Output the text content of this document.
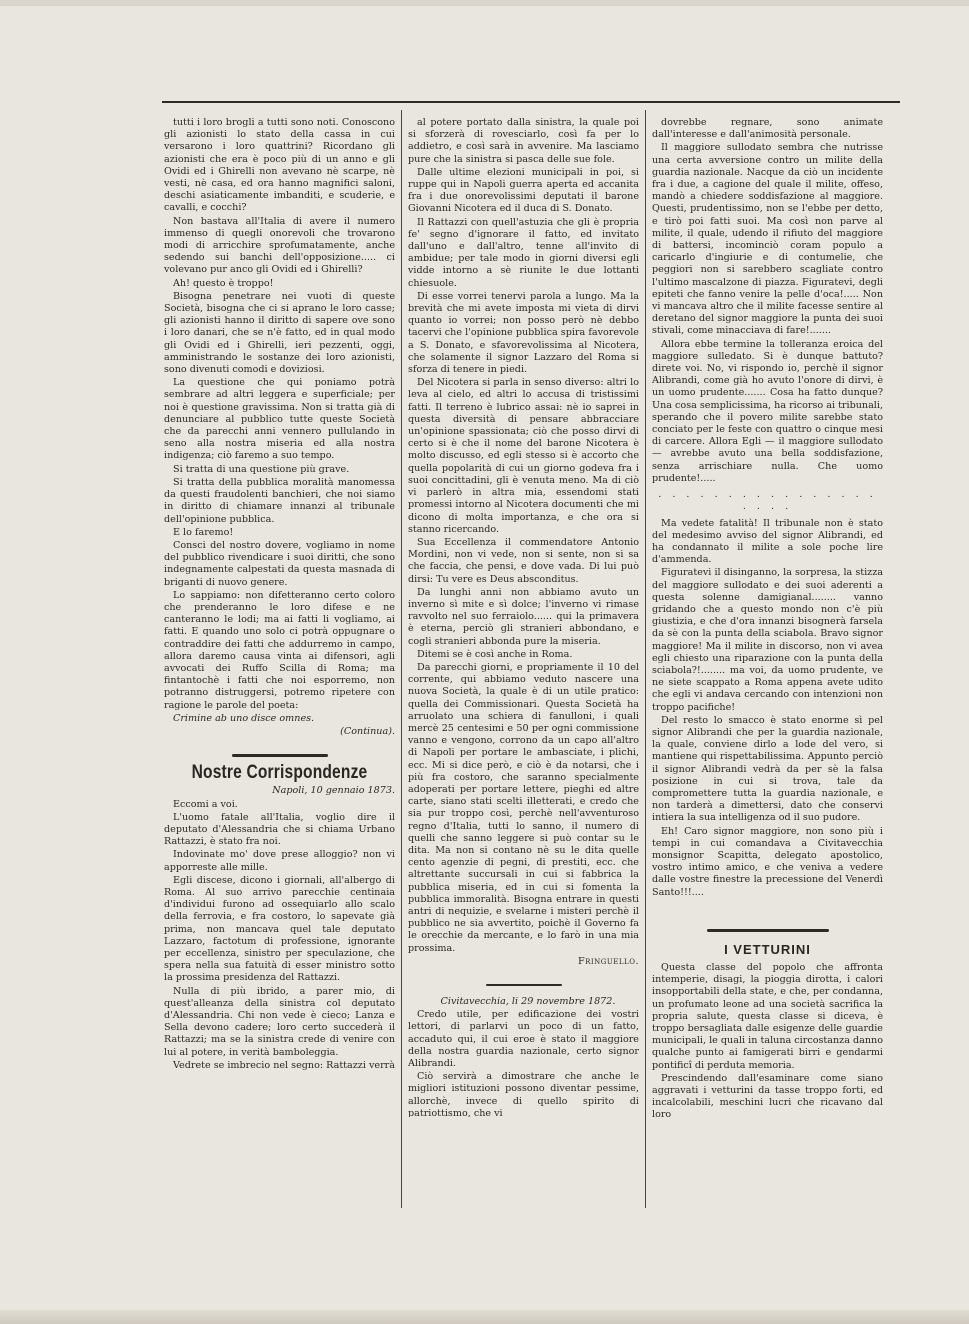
tutti i loro brogli a tutti sono noti. Conoscono gli azionisti lo stato della cassa in cui versarono i loro quattrini? Ricordano gli azionisti che era è poco più di un anno e gli Ovidi ed i Ghirelli non avevano nè scarpe, nè vesti, nè casa, ed ora hanno magnifici saloni, deschi asiaticamente imbanditi, e scuderie, e cavalli, e cocchi?

Non bastava all'Italia di avere il numero immenso di quegli onorevoli che trovarono modi di arricchire sprofumatamente, anche sedendo sui banchi dell'opposizione..... ci volevano pur anco gli Ovidi ed i Ghirelli?

Ah! questo è troppo!

Bisogna penetrare nei vuoti di queste Società, bisogna che ci si aprano le loro casse; gli azionisti hanno il diritto di sapere ove sono i loro danari, che se n'è fatto, ed in qual modo gli Ovidi ed i Ghirelli, ieri pezzenti, oggi, amministrando le sostanze dei loro azionisti, sono divenuti comodi e doviziosi.

La questione che qui poniamo potrà sembrare ad altri leggera e superficiale; per noi è questione gravissima. Non si tratta già di denunciare al pubblico tutte queste Società che da parecchi anni vennero pullulando in seno alla nostra miseria ed alla nostra indigenza; ciò faremo a suo tempo.

Si tratta di una questione più grave.

Si tratta della pubblica moralità manomessa da questi fraudolenti banchieri, che noi siamo in diritto di chiamare innanzi al tribunale dell'opinione pubblica.

E lo faremo!

Consci del nostro dovere, vogliamo in nome del pubblico rivendicare i suoi diritti, che sono indegnamente calpestati da questa masnada di briganti di nuovo genere.

Lo sappiamo: non difetteranno certo coloro che prenderanno le loro difese e ne canteranno le lodi; ma ai fatti li vogliamo, ai fatti. E quando uno solo ci potrà oppugnare o contraddire dei fatti che addurremo in campo, allora daremo causa vinta ai difensori, agli avvocati dei Ruffo Scilla di Roma; ma fintantochè i fatti che noi esporremo, non potranno distruggersi, potremo ripetere con ragione le parole del poeta:

Crimine ab uno disce omnes.

(Continua).

Nostre Corrispondenze

Napoli, 10 gennaio 1873.

Eccomi a voi.

L'uomo fatale all'Italia, voglio dire il deputato d'Alessandria che si chiama Urbano Rattazzi, è stato fra noi.

Indovinate mo' dove prese alloggio? non vi apporreste alle mille.

Egli discese, dicono i giornali, all'albergo di Roma. Al suo arrivo parecchie centinaia d'individui furono ad ossequiarlo allo scalo della ferrovia, e fra costoro, lo sapevate già prima, non mancava quel tale deputato Lazzaro, factotum di professione, ignorante per eccellenza, sinistro per speculazione, che spera nella sua fatuità di esser ministro sotto la prossima presidenza del Rattazzi.

Nulla di più ibrido, a parer mio, di quest'alleanza della sinistra col deputato d'Alessandria. Chi non vede è cieco; Lanza e Sella devono cadere; loro certo succederà il Rattazzi; ma se la sinistra crede di venire con lui al potere, in verità bamboleggia.

Vedrete se imbrecio nel segno: Rattazzi verrà

al potere portato dalla sinistra, la quale poi si sforzerà di rovesciarlo, così fa per lo addietro, e così sarà in avvenire. Ma lasciamo pure che la sinistra si pasca delle sue fole.

Dalle ultime elezioni municipali in poi, si ruppe qui in Napoli guerra aperta ed accanita fra i due onorevolissimi deputati il barone Giovanni Nicotera ed il duca di S. Donato.

Il Rattazzi con quell'astuzia che gli è propria fe' segno d'ignorare il fatto, ed invitato dall'uno e dall'altro, tenne all'invito di ambidue; per tale modo in giorni diversi egli vidde intorno a sè riunite le due lottanti chiesuole.

Di esse vorrei tenervi parola a lungo. Ma la brevità che mi avete imposta mi vieta di dirvi quanto io vorrei; non posso però nè debbo tacervi che l'opinione pubblica spira favorevole a S. Donato, e sfavorevolissima al Nicotera, che solamente il signor Lazzaro del Roma si sforza di tenere in piedi.

Del Nicotera si parla in senso diverso: altri lo leva al cielo, ed altri lo accusa di tristissimi fatti. Il terreno è lubrico assai: nè io saprei in questa diversità di pensare abbracciare un'opinione spassionata; ciò che posso dirvi di certo si è che il nome del barone Nicotera è molto discusso, ed egli stesso si è accorto che quella popolarità di cui un giorno godeva fra i suoi concittadini, gli è venuta meno. Ma di ciò vi parlerò in altra mia, essendomi stati promessi intorno al Nicotera documenti che mi dicono di molta importanza, e che ora si stanno ricercando.

Sua Eccellenza il commendatore Antonio Mordini, non vi vede, non si sente, non si sa che faccia, che pensi, e dove vada. Di lui può dirsi: Tu vere es Deus absconditus.

Da lunghi anni non abbiamo avuto un inverno sì mite e sì dolce; l'inverno vi rimase ravvolto nel suo ferraiolo...... qui la primavera è eterna, perciò gli stranieri abbondano, e cogli stranieri abbonda pure la miseria.

Ditemi se è così anche in Roma.

Da parecchi giorni, e propriamente il 10 del corrente, qui abbiamo veduto nascere una nuova Società, la quale è di un utile pratico: quella dei Commissionari. Questa Società ha arruolato una schiera di fanulloni, i quali mercè 25 centesimi e 50 per ogni commissione vanno e vengono, corrono da un capo all'altro di Napoli per portare le ambasciate, i plichi, ecc. Mi si dice però, e ciò è da notarsi, che i più fra costoro, che saranno specialmente adoperati per portare lettere, pieghi ed altre carte, siano stati scelti illetterati, e credo che sia pur troppo così, perchè nell'avventuroso regno d'Italia, tutti lo sanno, il numero di quelli che sanno leggere si può contar su le dita. Ma non si contano nè su le dita quelle cento agenzie di pegni, di prestiti, ecc. che altrettante succursali in cui si fabbrica la pubblica miseria, ed in cui si fomenta la pubblica immoralità. Bisogna entrare in questi antri di nequizie, e svelarne i misteri perchè il pubblico ne sia avvertito, poichè il Governo fa le orecchie da mercante, e lo farò in una mia prossima.

Fringuello.

Civitavecchia, li 29 novembre 1872.

Credo utile, per edificazione dei vostri lettori, di parlarvi un poco di un fatto, accaduto qui, il cui eroe è stato il maggiore della nostra guardia nazionale, certo signor Alibrandi.

Ciò servirà a dimostrare che anche le migliori istituzioni possono diventar pessime, allorchè, invece di quello spirito di patriottismo, che vi

dovrebbe regnare, sono animate dall'interesse e dall'animosità personale.

Il maggiore sullodato sembra che nutrisse una certa avversione contro un milite della guardia nazionale. Nacque da ciò un incidente fra i due, a cagione del quale il milite, offeso, mandò a chiedere soddisfazione al maggiore. Questi, prudentissimo, non se l'ebbe per detto, e tirò poi fatti suoi. Ma così non parve al milite, il quale, udendo il rifiuto del maggiore di battersi, incominciò coram populo a caricarlo d'ingiurie e di contumelie, che peggiori non si sarebbero scagliate contro l'ultimo mascalzone di piazza. Figuratevi, degli epiteti che fanno venire la pelle d'oca!..... Non vi mancava altro che il milite facesse sentire al deretano del signor maggiore la punta dei suoi stivali, come minacciava di fare!.......

Allora ebbe termine la tolleranza eroica del maggiore sulledato. Si è dunque battuto? direte voi. No, vi rispondo io, perchè il signor Alibrandi, come già ho avuto l'onore di dirvi, è un uomo prudente....... Cosa ha fatto dunque? Una cosa semplicissima, ha ricorso ai tribunali, sperando che il povero milite sarebbe stato conciato per le feste con quattro o cinque mesi di carcere. Allora Egli — il maggiore sullodato — avrebbe avuto una bella soddisfazione, senza arrischiare nulla. Che uomo prudente!.....

. . . . . . . . . . . . . . . . . . . .

Ma vedete fatalità! Il tribunale non è stato del medesimo avviso del signor Alibrandi, ed ha condannato il milite a sole poche lire d'ammenda.

Figuratevi il disinganno, la sorpresa, la stizza del maggiore sullodato e dei suoi aderenti a questa solenne damigianal........ vanno gridando che a questo mondo non c'è più giustizia, e che d'ora innanzi bisognerà farsela da sè con la punta della sciabola. Bravo signor maggiore! Ma il milite in discorso, non vi avea egli chiesto una riparazione con la punta della sciabola?!........ ma voi, da uomo prudente, ve ne siete scappato a Roma appena avete udito che egli vi andava cercando con intenzioni non troppo pacifiche!

Del resto lo smacco è stato enorme sì pel signor Alibrandi che per la guardia nazionale, la quale, conviene dirlo a lode del vero, si mantiene qui rispettabilissima. Appunto perciò il signor Alibrandi vedrà da per sè la falsa posizione in cui si trova, tale da compromettere tutta la guardia nazionale, e non tarderà a dimettersi, dato che conservi intiera la sua intelligenza od il suo pudore.

Eh! Caro signor maggiore, non sono più i tempi in cui comandava a Civitavecchia monsignor Scapitta, delegato apostolico, vostro intimo amico, e che veniva a vedere dalle vostre finestre la precessione del Venerdì Santo!!!....

I VETTURINI

Questa classe del popolo che affronta intemperie, disagi, la pioggia dirotta, i calori insopportabili della state, e che, per condanna, un profumato leone ad una società sacrifica la propria salute, questa classe si diceva, è troppo bersagliata dalle esigenze delle guardie municipali, le quali in taluna circostanza danno qualche punto ai famigerati birri e gendarmi pontificî di perduta memoria.

Prescindendo dall'esaminare come siano aggravati i vetturini da tasse troppo forti, ed incalcolabili, meschini lucri che ricavano dal loro
